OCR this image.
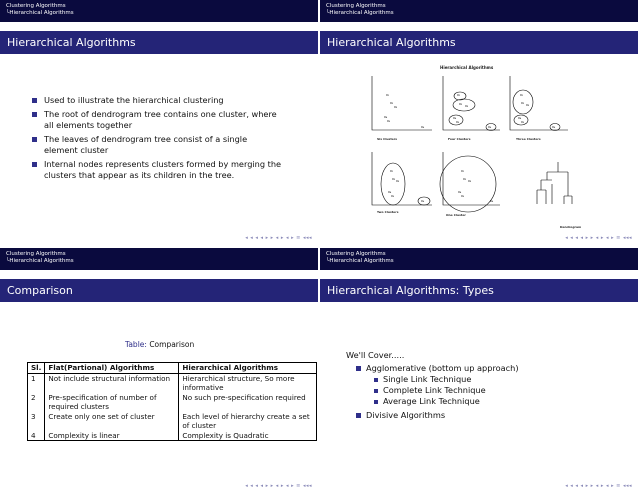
Clustering Algorithms
└Hierarchical Algorithms
Hierarchical Algorithms
◂ ◂ ◂ ◂ ▸ ▸ ◂ ▸ ◂ ▸ ≡ ◂◂◂
Used to illustrate the hierarchical clustering
The root of dendrogram tree contains one cluster, where all elements together
The leaves of dendrogram tree consist of a single element cluster
Internal nodes represents clusters formed by merging the clusters that appear as its children in the tree.
Clustering Algorithms
└Hierarchical Algorithms
Hierarchical Algorithms
Hierarchical Algorithms
x₁
x₂
x₃
x₄
x₅
x₆
x₁
x₂ x₃
x₄
x₅
x₆
x₁
x₂ x₃
x₄
x₅
x₆
x₁
x₂ x₃
x₄
x₅
x₆
x₁
x₂ x₃
x₄
x₅
x₆
Six Clusters	Four Clusters	Three Clusters
Two Clusters
One Cluster
Dendrogram
◂ ◂ ◂ ◂ ▸ ▸ ◂ ▸ ◂ ▸ ≡ ◂◂◂
Clustering Algorithms
└Hierarchical Algorithms
Comparison
◂ ◂ ◂ ◂ ▸ ▸ ◂ ▸ ◂ ▸ ≡ ◂◂◂
Table: Comparison
Sl.	Flat(Partional) Algorithms	Hierarchical Algorithms
1	Not include structural information	Hierarchical structure, So more informative
2	Pre-specification of number of required clusters	No such pre-specification required
3	Create only one set of cluster	Each level of hierarchy create a set of cluster
4	Complexity is linear	Complexity is Quadratic
Clustering Algorithms
└Hierarchical Algorithms
Hierarchical Algorithms: Types
◂ ◂ ◂ ◂ ▸ ▸ ◂ ▸ ◂ ▸ ≡ ◂◂◂
We'll Cover.....
Agglomerative (bottom up approach)
Single Link Technique
Complete Link Technique
Average Link Technique
Divisive Algorithms
